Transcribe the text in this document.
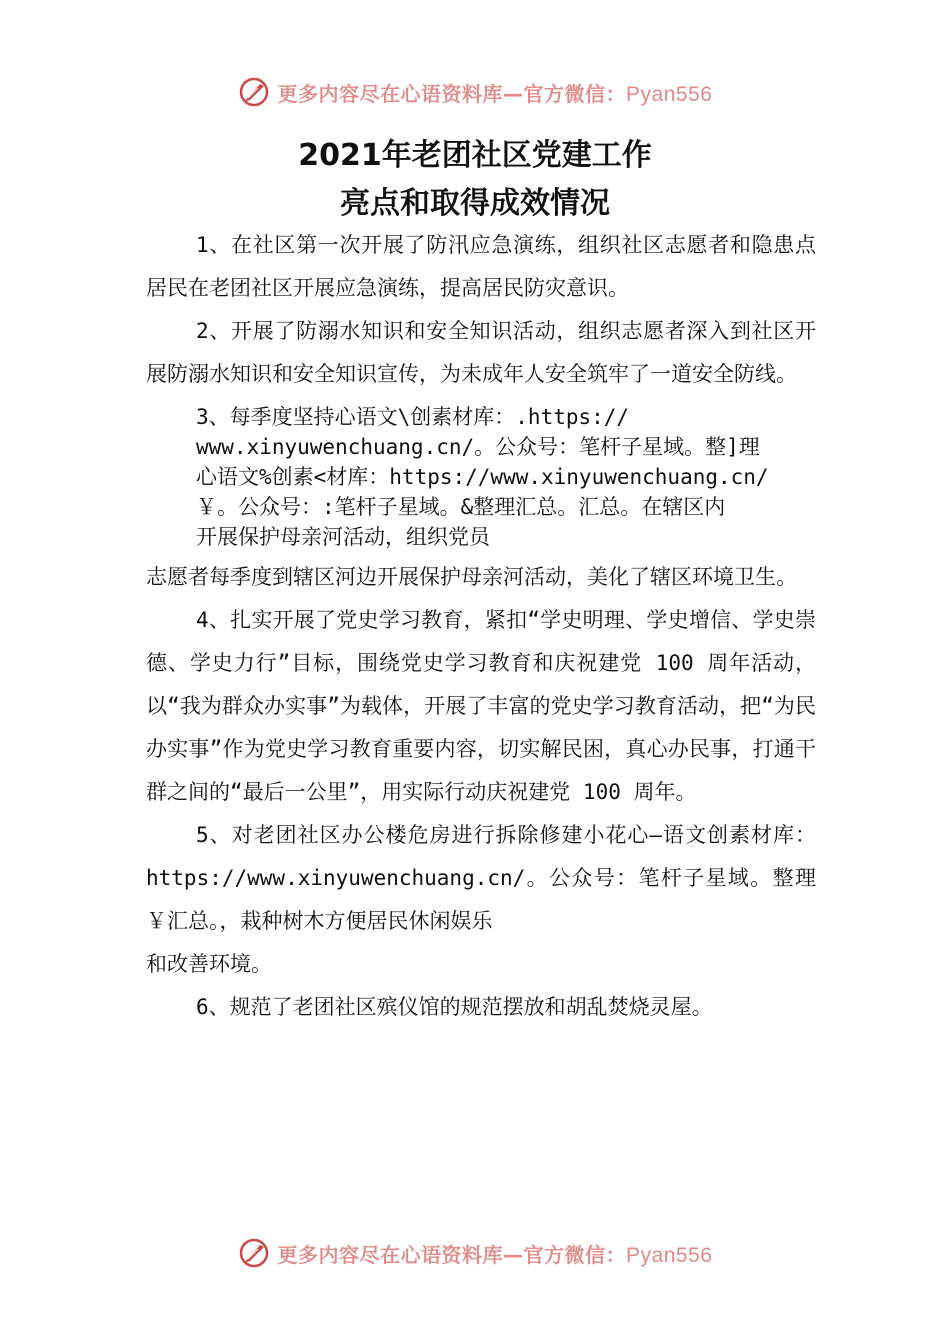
更多内容尽在心语资料库—官方微信：Pyan556
2021年老团社区党建工作
亮点和取得成效情况

1、在社区第一次开展了防汛应急演练，组织社区志愿者和隐患点居民在老团社区开展应急演练，提高居民防灾意识。

2、开展了防溺水知识和安全知识活动，组织志愿者深入到社区开展防溺水知识和安全知识宣传，为未成年人安全筑牢了一道安全防线。

3、每季度坚持心语文\创素材库：.https://
www.xinyuwenchuang.cn/。公众号：笔杆子星域。整]理
心语文%创素<材库：https://www.xinyuwenchuang.cn/
￥。公众号：:笔杆子星域。&整理汇总。汇总。在辖区内
开展保护母亲河活动，组织党员

志愿者每季度到辖区河边开展保护母亲河活动，美化了辖区环境卫生。

4、扎实开展了党史学习教育，紧扣“学史明理、学史增信、学史崇德、学史力行”目标，围绕党史学习教育和庆祝建党 100 周年活动，以“我为群众办实事”为载体，开展了丰富的党史学习教育活动，把“为民办实事”作为党史学习教育重要内容，切实解民困，真心办民事，打通干群之间的“最后一公里”，用实际行动庆祝建党 100 周年。

5、对老团社区办公楼危房进行拆除修建小花心—语文创素材库：https://www.xinyuwenchuang.cn/。公众号：笔杆子星域。整理￥汇总。，栽种树木方便居民休闲娱乐

和改善环境。

6、规范了老团社区殡仪馆的规范摆放和胡乱焚烧灵屋。

更多内容尽在心语资料库—官方微信：Pyan556
